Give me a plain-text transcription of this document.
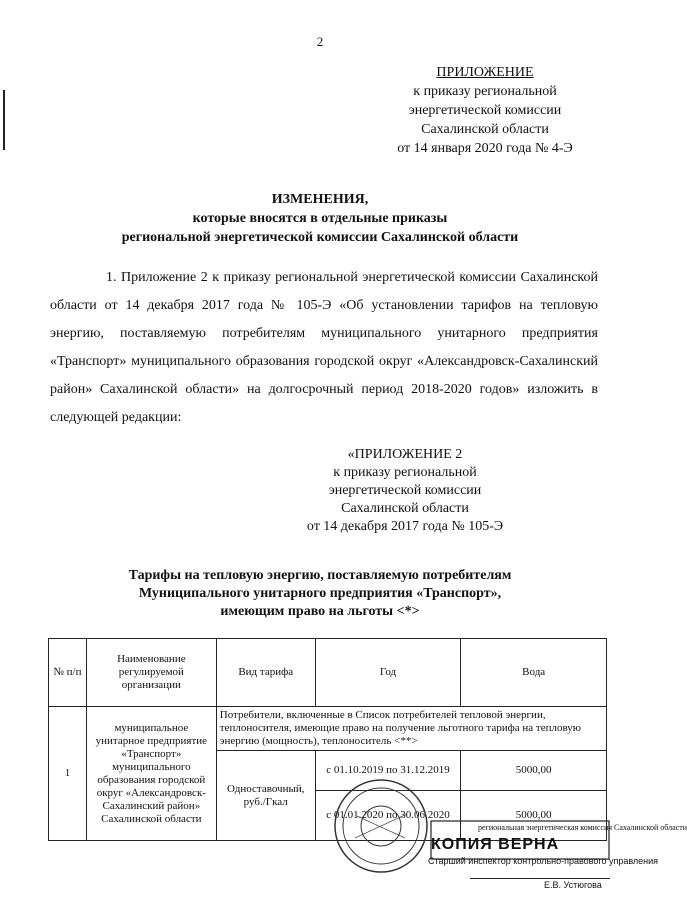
2
ПРИЛОЖЕНИЕ
к приказу региональной
энергетической комиссии
Сахалинской области
от 14 января 2020 года № 4-Э
ИЗМЕНЕНИЯ,
которые вносятся в отдельные приказы
региональной энергетической комиссии Сахалинской области
1. Приложение 2 к приказу региональной энергетической комиссии Сахалинской области от 14 декабря 2017 года № 105-Э «Об установлении тарифов на тепловую энергию, поставляемую потребителям муниципального унитарного предприятия «Транспорт» муниципального образования городской округ «Александровск-Сахалинский район» Сахалинской области» на долгосрочный период 2018-2020 годов» изложить в следующей редакции:
«ПРИЛОЖЕНИЕ 2
к приказу региональной
энергетической комиссии
Сахалинской области
от 14 декабря 2017 года № 105-Э
Тарифы на тепловую энергию, поставляемую потребителям
Муниципального унитарного предприятия «Транспорт»,
имеющим право на льготы <*>
№ п/п	Наименование регулируемой организации	Вид тарифа	Год	Вода
1	муниципальное унитарное предприятие «Транспорт» муниципального образования городской округ «Александровск-Сахалинский район» Сахалинской области	Потребители, включенные в Список потребителей тепловой энергии, теплоносителя, имеющие право на получение льготного тарифа на тепловую энергию (мощность), теплоноситель <**>		
		Одноставочный, руб./Гкал	с 01.10.2019 по 31.12.2019	5000,00
			с 01.01.2020 по 30.06.2020	5000,00
региональная энергетическая комиссия Сахалинской области
КОПИЯ ВЕРНА
Старший инспектор контрольно-правового управления
Е.В. Устюгова
